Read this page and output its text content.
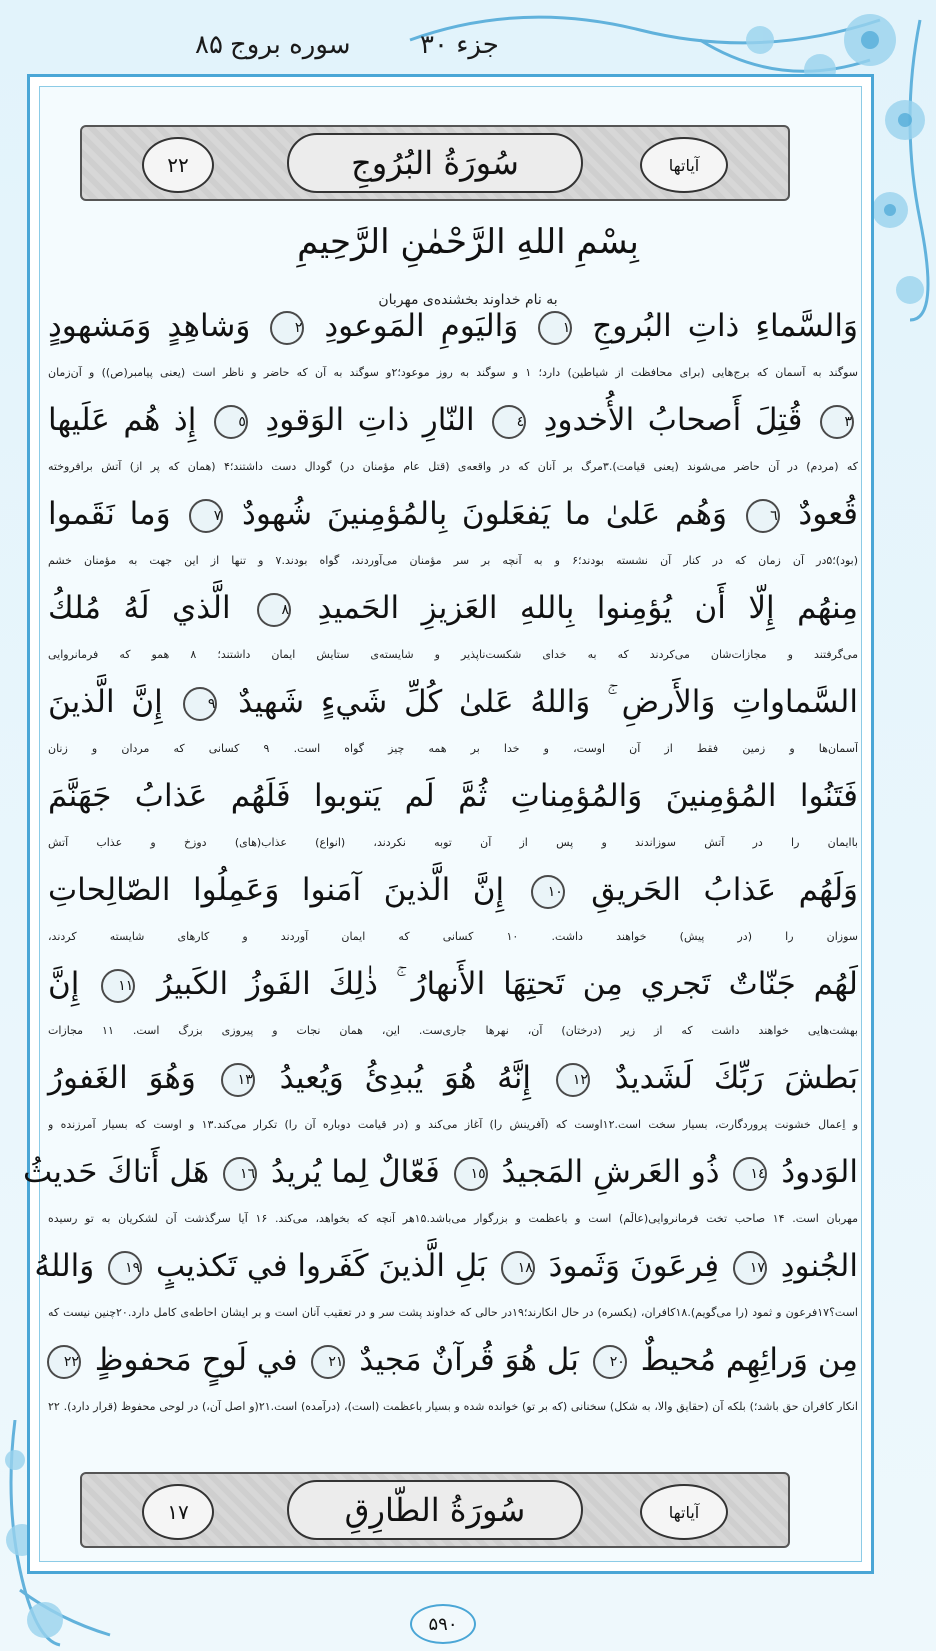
جزء ۳۰
سوره بروج
۸۵
۲۲	سُورَةُ البُرُوجِ	آیاتها
بِسْمِ اللهِ الرَّحْمٰنِ الرَّحِيمِ
به نام خداوند بخشنده‌ی مهربان
وَالسَّماءِ ذاتِ البُروجِ ١ وَاليَومِ المَوعودِ ٢ وَشاهِدٍ وَمَشهودٍ
سوگند به آسمان که برج‌هایی (برای محافظت از شیاطین) دارد؛ ۱ و سوگند به روز موعود؛۲و سوگند به آن که حاضر و ناظر است (یعنی پیامبر(ص)) و آن‌زمان
٣ قُتِلَ أَصحابُ الأُخدودِ ٤ النّارِ ذاتِ الوَقودِ ٥ إِذ هُم عَلَيها
که (مردم) در آن حاضر می‌شوند (یعنی قیامت).۳مرگ بر آنان که در واقعه‌ی (قتل عام مؤمنان در) گودال دست داشتند؛۴ (همان که پر از) آتش برافروخته
قُعودٌ ٦ وَهُم عَلىٰ ما يَفعَلونَ بِالمُؤمِنينَ شُهودٌ ٧ وَما نَقَموا
(بود)؛۵در آن زمان که در کنار آن نشسته بودند؛۶ و به آنچه بر سر مؤمنان می‌آوردند، گواه بودند.۷ و تنها از این جهت به مؤمنان خشم
مِنهُم إِلّا أَن يُؤمِنوا بِاللهِ العَزيزِ الحَميدِ ٨ الَّذي لَهُ مُلكُ
می‌گرفتند و مجازات‌شان می‌کردند که به خدای شکست‌ناپذیر و شایسته‌ی ستایش ایمان داشتند؛ ۸ همو که فرمانروایی
السَّماواتِ وَالأَرضِ ۚ وَاللهُ عَلىٰ كُلِّ شَيءٍ شَهيدٌ ٩ إِنَّ الَّذينَ
آسمان‌ها و زمین فقط از آنِ اوست، و خدا بر همه چیز گواه است. ۹ کسانی که مردان و زنان
فَتَنُوا المُؤمِنينَ وَالمُؤمِناتِ ثُمَّ لَم يَتوبوا فَلَهُم عَذابُ جَهَنَّمَ
باایمان را در آتش سوزاندند و پس از آن توبه نکردند، (انواع) عذاب(های) دوزخ و عذاب آتش
وَلَهُم عَذابُ الحَريقِ ١٠ إِنَّ الَّذينَ آمَنوا وَعَمِلُوا الصّالِحاتِ
سوزان را (در پیش) خواهند داشت. ۱۰ کسانی که ایمان آوردند و کارهای شایسته کردند،
لَهُم جَنّاتٌ تَجري مِن تَحتِهَا الأَنهارُ ۚ ذٰلِكَ الفَوزُ الكَبيرُ ١١ إِنَّ
بهشت‌هایی خواهند داشت که از زیر (درختان) آن، نهرها جاری‌ست. این، همان نجات و پیروزی بزرگ است. ۱۱ مجازات
بَطشَ رَبِّكَ لَشَديدٌ ١٢ إِنَّهُ هُوَ يُبدِئُ وَيُعيدُ ١٣ وَهُوَ الغَفورُ
و اِعمال خشونت پروردگارت، بسیار سخت است.۱۲اوست که (آفرینش را) آغاز می‌کند و (در قیامت دوباره آن را) تکرار می‌کند.۱۳ و اوست که بسیار آمرزنده و
الوَدودُ ١٤ ذُو العَرشِ المَجيدُ ١٥ فَعّالٌ لِما يُريدُ ١٦ هَل أَتاكَ حَديثُ
مهربان است. ۱۴ صاحب تخت فرمانروایی(عالَم) است و باعظمت و بزرگوار می‌باشد.۱۵هر آنچه که بخواهد، می‌کند. ۱۶ آیا سرگذشت آن لشکریان به تو رسیده
الجُنودِ ١٧ فِرعَونَ وَثَمودَ ١٨ بَلِ الَّذينَ كَفَروا في تَكذيبٍ ١٩ وَاللهُ
است؟۱۷فرعون و ثمود (را می‌گویم).۱۸کافران، (یکسره) در حال انکارند؛۱۹در حالی که خداوند پشت سر و در تعقیب آنان است و بر ایشان احاطه‌ی کامل دارد.۲۰چنین نیست که
مِن وَرائِهِم مُحيطٌ ٢٠ بَل هُوَ قُرآنٌ مَجيدٌ ٢١ في لَوحٍ مَحفوظٍ ٢٢
انکار کافران حق باشد؛) بلکه آن (حقایق والا، به شکل) سخنانی (که بر تو) خوانده شده و بسیار باعظمت (است)، (درآمده) است.۲۱(و اصل آن،) در لوحی محفوظ (قرار دارد). ۲۲
۱۷	سُورَةُ الطّارِقِ	آیاتها
۵۹۰
